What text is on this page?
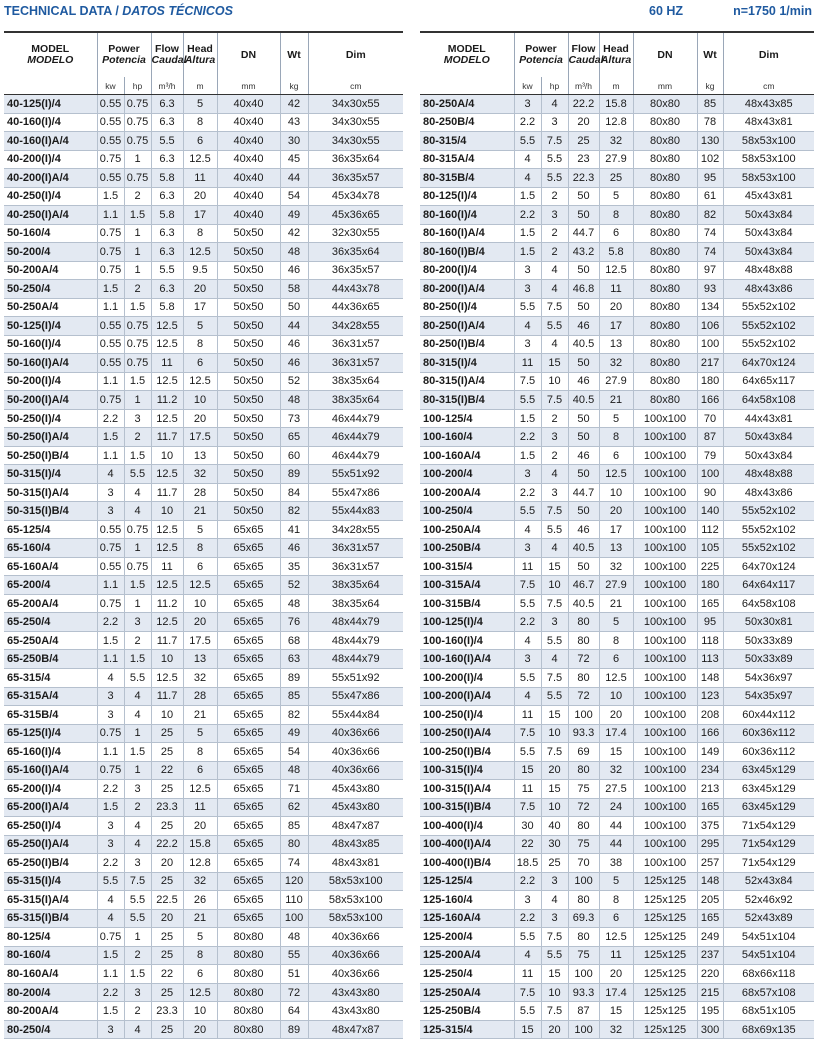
TECHNICAL DATA / DATOS TÉCNICOS	60 HZ	n=1750 1/min
MODEL
MODELO	Power
Potencia		Flow
Caudal	Head
Altura	DN	Wt	Dim
	kw	hp	m³/h	m	mm	kg	cm
40-125(I)/4	0.55	0.75	6.3	5	40x40	42	34x30x55
40-160(I)/4	0.55	0.75	6.3	8	40x40	43	34x30x55
40-160(I)A/4	0.55	0.75	5.5	6	40x40	30	34x30x55
40-200(I)/4	0.75	1	6.3	12.5	40x40	45	36x35x64
40-200(I)A/4	0.55	0.75	5.8	11	40x40	44	36x35x57
40-250(I)/4	1.5	2	6.3	20	40x40	54	45x34x78
40-250(I)A/4	1.1	1.5	5.8	17	40x40	49	45x36x65
50-160/4	0.75	1	6.3	8	50x50	42	32x30x55
50-200/4	0.75	1	6.3	12.5	50x50	48	36x35x64
50-200A/4	0.75	1	5.5	9.5	50x50	46	36x35x57
50-250/4	1.5	2	6.3	20	50x50	58	44x43x78
50-250A/4	1.1	1.5	5.8	17	50x50	50	44x36x65
50-125(I)/4	0.55	0.75	12.5	5	50x50	44	34x28x55
50-160(I)/4	0.55	0.75	12.5	8	50x50	46	36x31x57
50-160(I)A/4	0.55	0.75	11	6	50x50	46	36x31x57
50-200(I)/4	1.1	1.5	12.5	12.5	50x50	52	38x35x64
50-200(I)A/4	0.75	1	11.2	10	50x50	48	38x35x64
50-250(I)/4	2.2	3	12.5	20	50x50	73	46x44x79
50-250(I)A/4	1.5	2	11.7	17.5	50x50	65	46x44x79
50-250(I)B/4	1.1	1.5	10	13	50x50	60	46x44x79
50-315(I)/4	4	5.5	12.5	32	50x50	89	55x51x92
50-315(I)A/4	3	4	11.7	28	50x50	84	55x47x86
50-315(I)B/4	3	4	10	21	50x50	82	55x44x83
65-125/4	0.55	0.75	12.5	5	65x65	41	34x28x55
65-160/4	0.75	1	12.5	8	65x65	46	36x31x57
65-160A/4	0.55	0.75	11	6	65x65	35	36x31x57
65-200/4	1.1	1.5	12.5	12.5	65x65	52	38x35x64
65-200A/4	0.75	1	11.2	10	65x65	48	38x35x64
65-250/4	2.2	3	12.5	20	65x65	76	48x44x79
65-250A/4	1.5	2	11.7	17.5	65x65	68	48x44x79
65-250B/4	1.1	1.5	10	13	65x65	63	48x44x79
65-315/4	4	5.5	12.5	32	65x65	89	55x51x92
65-315A/4	3	4	11.7	28	65x65	85	55x47x86
65-315B/4	3	4	10	21	65x65	82	55x44x84
65-125(I)/4	0.75	1	25	5	65x65	49	40x36x66
65-160(I)/4	1.1	1.5	25	8	65x65	54	40x36x66
65-160(I)A/4	0.75	1	22	6	65x65	48	40x36x66
65-200(I)/4	2.2	3	25	12.5	65x65	71	45x43x80
65-200(I)A/4	1.5	2	23.3	11	65x65	62	45x43x80
65-250(I)/4	3	4	25	20	65x65	85	48x47x87
65-250(I)A/4	3	4	22.2	15.8	65x65	80	48x43x85
65-250(I)B/4	2.2	3	20	12.8	65x65	74	48x43x81
65-315(I)/4	5.5	7.5	25	32	65x65	120	58x53x100
65-315(I)A/4	4	5.5	22.5	26	65x65	110	58x53x100
65-315(I)B/4	4	5.5	20	21	65x65	100	58x53x100
80-125/4	0.75	1	25	5	80x80	48	40x36x66
80-160/4	1.5	2	25	8	80x80	55	40x36x66
80-160A/4	1.1	1.5	22	6	80x80	51	40x36x66
80-200/4	2.2	3	25	12.5	80x80	72	43x43x80
80-200A/4	1.5	2	23.3	10	80x80	64	43x43x80
80-250/4	3	4	25	20	80x80	89	48x47x87
MODEL
MODELO	Power
Potencia		Flow
Caudal	Head
Altura	DN	Wt	Dim
	kw	hp	m³/h	m	mm	kg	cm
80-250A/4	3	4	22.2	15.8	80x80	85	48x43x85
80-250B/4	2.2	3	20	12.8	80x80	78	48x43x81
80-315/4	5.5	7.5	25	32	80x80	130	58x53x100
80-315A/4	4	5.5	23	27.9	80x80	102	58x53x100
80-315B/4	4	5.5	22.3	25	80x80	95	58x53x100
80-125(I)/4	1.5	2	50	5	80x80	61	45x43x81
80-160(I)/4	2.2	3	50	8	80x80	82	50x43x84
80-160(I)A/4	1.5	2	44.7	6	80x80	74	50x43x84
80-160(I)B/4	1.5	2	43.2	5.8	80x80	74	50x43x84
80-200(I)/4	3	4	50	12.5	80x80	97	48x48x88
80-200(I)A/4	3	4	46.8	11	80x80	93	48x43x86
80-250(I)/4	5.5	7.5	50	20	80x80	134	55x52x102
80-250(I)A/4	4	5.5	46	17	80x80	106	55x52x102
80-250(I)B/4	3	4	40.5	13	80x80	100	55x52x102
80-315(I)/4	11	15	50	32	80x80	217	64x70x124
80-315(I)A/4	7.5	10	46	27.9	80x80	180	64x65x117
80-315(I)B/4	5.5	7.5	40.5	21	80x80	166	64x58x108
100-125/4	1.5	2	50	5	100x100	70	44x43x81
100-160/4	2.2	3	50	8	100x100	87	50x43x84
100-160A/4	1.5	2	46	6	100x100	79	50x43x84
100-200/4	3	4	50	12.5	100x100	100	48x48x88
100-200A/4	2.2	3	44.7	10	100x100	90	48x43x86
100-250/4	5.5	7.5	50	20	100x100	140	55x52x102
100-250A/4	4	5.5	46	17	100x100	112	55x52x102
100-250B/4	3	4	40.5	13	100x100	105	55x52x102
100-315/4	11	15	50	32	100x100	225	64x70x124
100-315A/4	7.5	10	46.7	27.9	100x100	180	64x64x117
100-315B/4	5.5	7.5	40.5	21	100x100	165	64x58x108
100-125(I)/4	2.2	3	80	5	100x100	95	50x30x81
100-160(I)/4	4	5.5	80	8	100x100	118	50x33x89
100-160(I)A/4	3	4	72	6	100x100	113	50x33x89
100-200(I)/4	5.5	7.5	80	12.5	100x100	148	54x36x97
100-200(I)A/4	4	5.5	72	10	100x100	123	54x35x97
100-250(I)/4	11	15	100	20	100x100	208	60x44x112
100-250(I)A/4	7.5	10	93.3	17.4	100x100	166	60x36x112
100-250(I)B/4	5.5	7.5	69	15	100x100	149	60x36x112
100-315(I)/4	15	20	80	32	100x100	234	63x45x129
100-315(I)A/4	11	15	75	27.5	100x100	213	63x45x129
100-315(I)B/4	7.5	10	72	24	100x100	165	63x45x129
100-400(I)/4	30	40	80	44	100x100	375	71x54x129
100-400(I)A/4	22	30	75	44	100x100	295	71x54x129
100-400(I)B/4	18.5	25	70	38	100x100	257	71x54x129
125-125/4	2.2	3	100	5	125x125	148	52x43x84
125-160/4	3	4	80	8	125x125	205	52x46x92
125-160A/4	2.2	3	69.3	6	125x125	165	52x43x89
125-200/4	5.5	7.5	80	12.5	125x125	249	54x51x104
125-200A/4	4	5.5	75	11	125x125	237	54x51x104
125-250/4	11	15	100	20	125x125	220	68x66x118
125-250A/4	7.5	10	93.3	17.4	125x125	215	68x57x108
125-250B/4	5.5	7.5	87	15	125x125	195	68x51x105
125-315/4	15	20	100	32	125x125	300	68x69x135
